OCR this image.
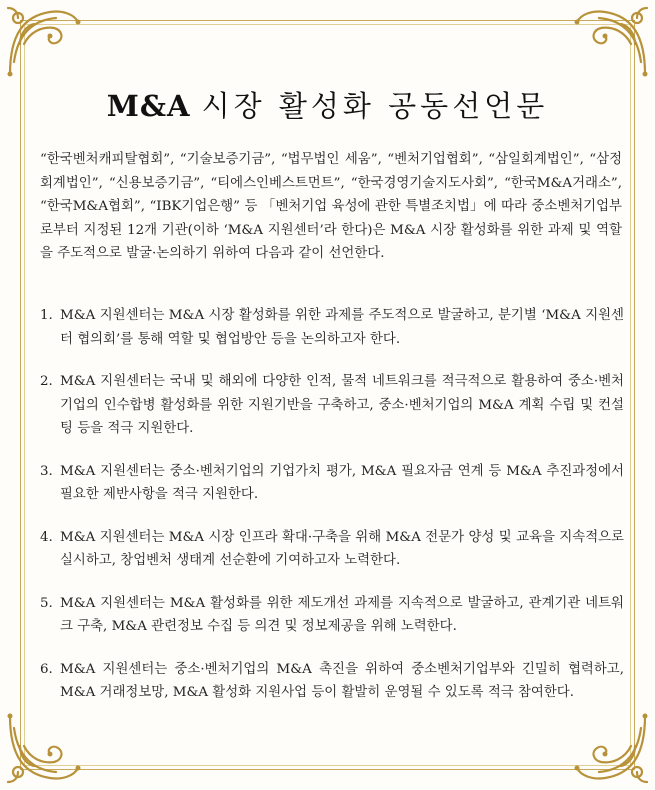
M&A 시장 활성화 공동선언문

“한국벤처캐피탈협회”, “기술보증기금”, “법무법인 세움”, “벤처기업협회”, “삼일회계법인”, “삼정회계법인”, “신용보증기금”, “티에스인베스트먼트”, “한국경영기술지도사회”, “한국M&A거래소”, “한국M&A협회”, “IBK기업은행” 등 「벤처기업 육성에 관한 특별조치법」에 따라 중소벤처기업부로부터 지정된 12개 기관(이하 ‘M&A 지원센터’라 한다)은 M&A 시장 활성화를 위한 과제 및 역할을 주도적으로 발굴·논의하기 위하여 다음과 같이 선언한다.

1. M&A 지원센터는 M&A 시장 활성화를 위한 과제를 주도적으로 발굴하고, 분기별 ‘M&A 지원센터 협의회’를 통해 역할 및 협업방안 등을 논의하고자 한다.
2. M&A 지원센터는 국내 및 해외에 다양한 인적, 물적 네트워크를 적극적으로 활용하여 중소·벤처기업의 인수합병 활성화를 위한 지원기반을 구축하고, 중소·벤처기업의 M&A 계획 수립 및 컨설팅 등을 적극 지원한다.
3. M&A 지원센터는 중소·벤처기업의 기업가치 평가, M&A 필요자금 연계 등 M&A 추진과정에서 필요한 제반사항을 적극 지원한다.
4. M&A 지원센터는 M&A 시장 인프라 확대·구축을 위해 M&A 전문가 양성 및 교육을 지속적으로 실시하고, 창업벤처 생태계 선순환에 기여하고자 노력한다.
5. M&A 지원센터는 M&A 활성화를 위한 제도개선 과제를 지속적으로 발굴하고, 관계기관 네트워크 구축, M&A 관련정보 수집 등 의견 및 정보제공을 위해 노력한다.
6. M&A 지원센터는 중소·벤처기업의 M&A 촉진을 위하여 중소벤처기업부와 긴밀히 협력하고, M&A 거래정보망, M&A 활성화 지원사업 등이 활발히 운영될 수 있도록 적극 참여한다.
